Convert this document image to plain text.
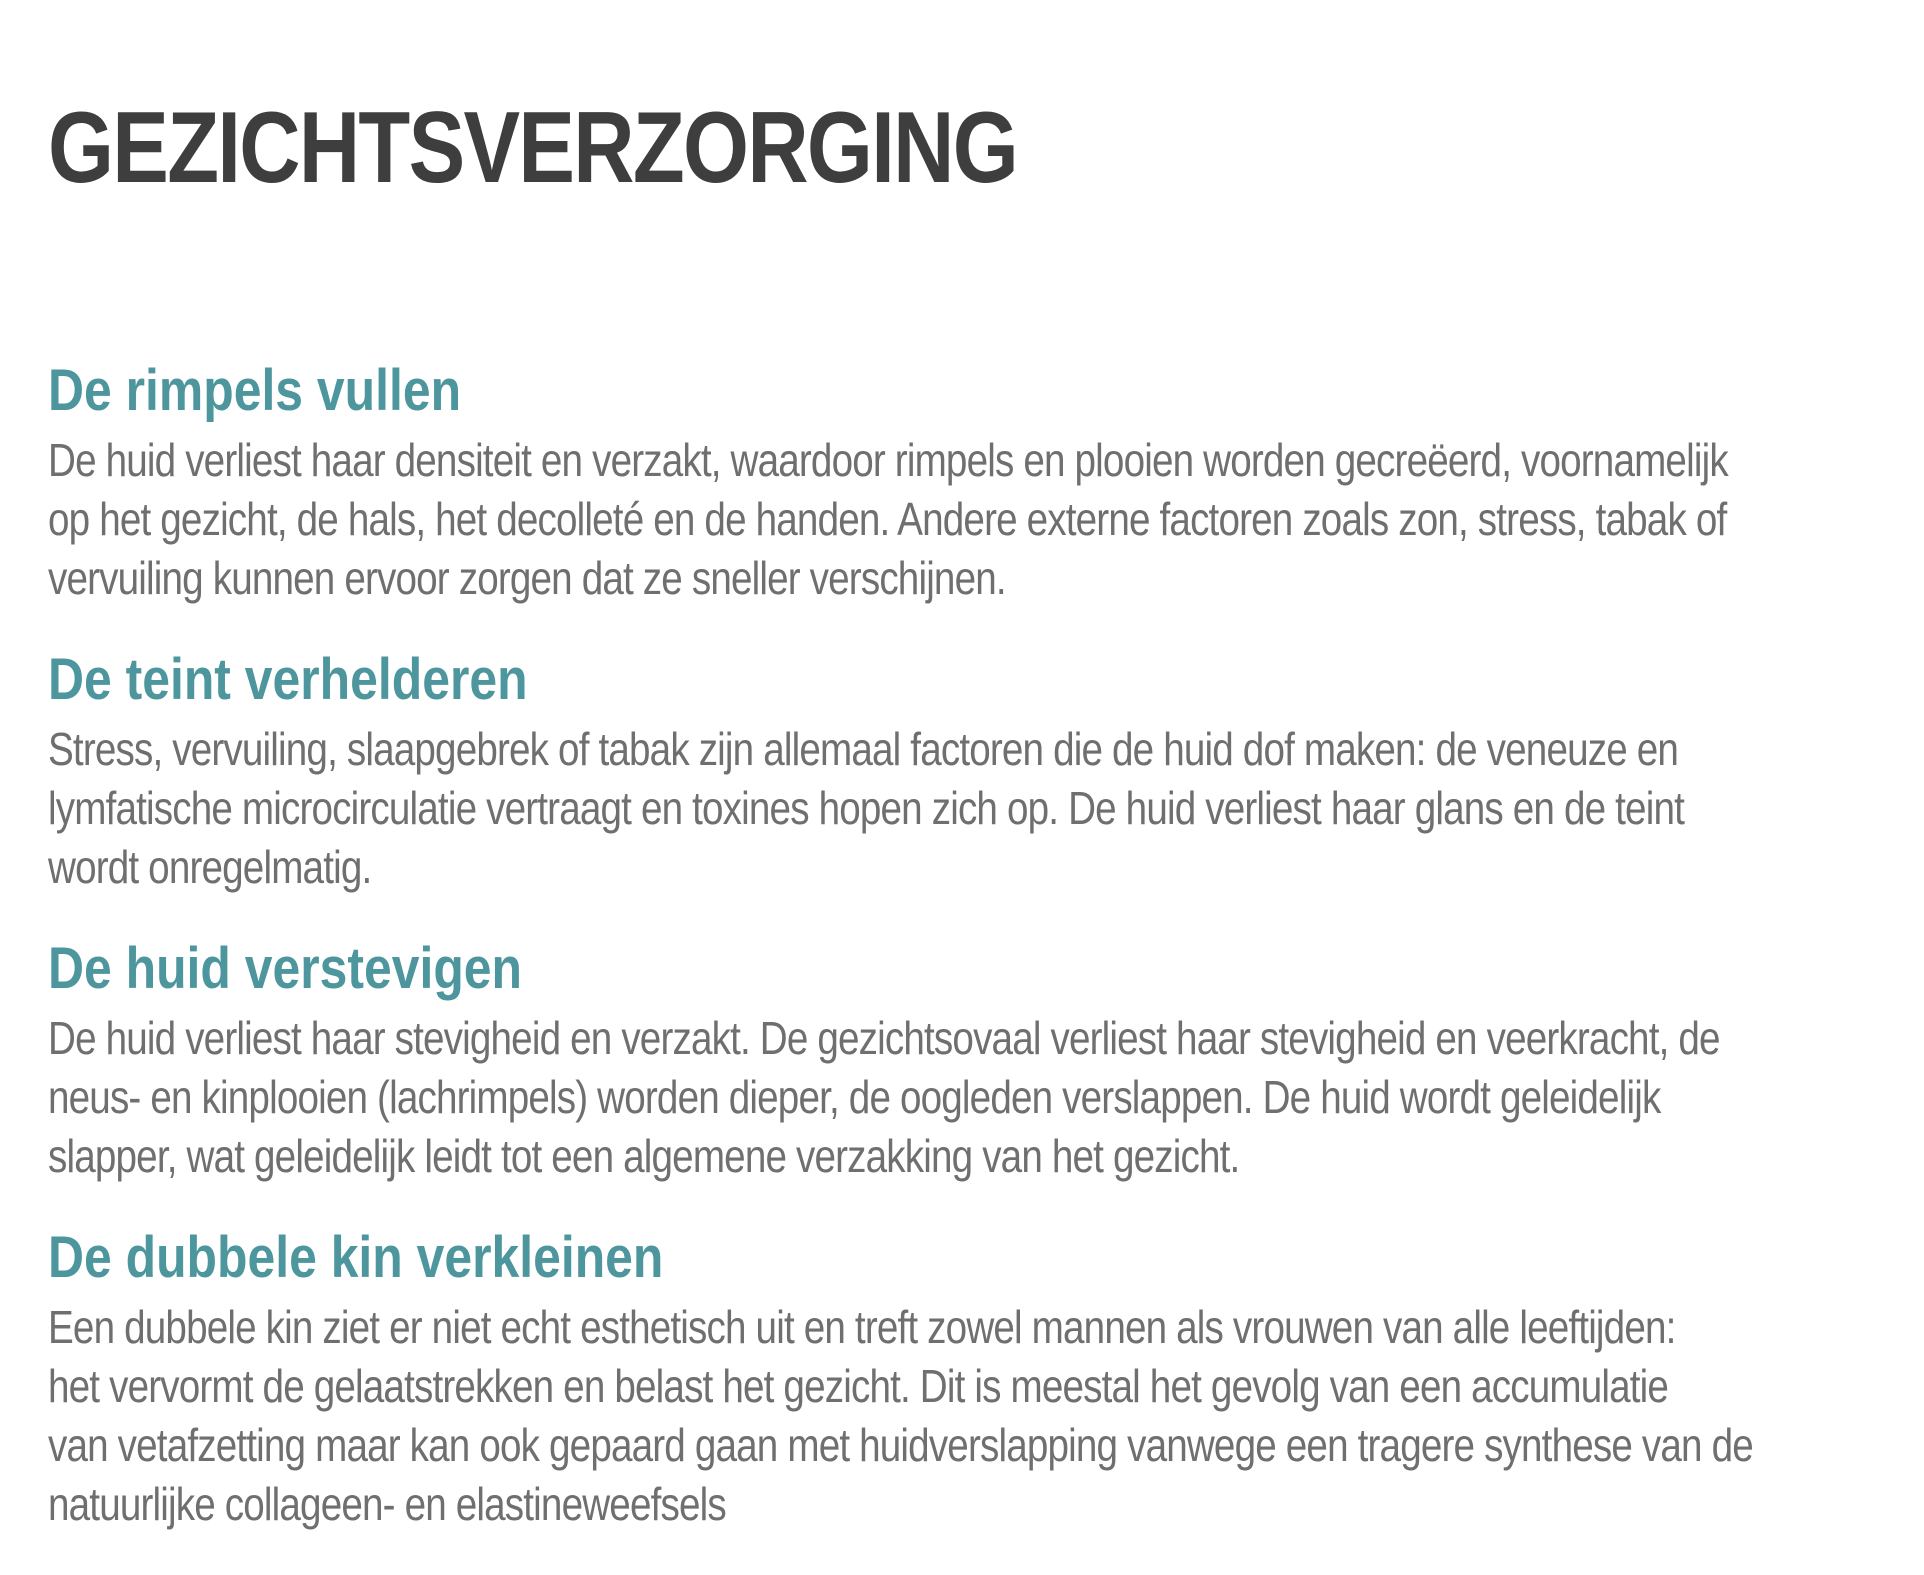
GEZICHTSVERZORGING
De rimpels vullen

De huid verliest haar densiteit en verzakt, waardoor rimpels en plooien worden gecreëerd, voornamelijk
op het gezicht, de hals, het decolleté en de handen. Andere externe factoren zoals zon, stress, tabak of
vervuiling kunnen ervoor zorgen dat ze sneller verschijnen.

De teint verhelderen

Stress, vervuiling, slaapgebrek of tabak zijn allemaal factoren die de huid dof maken: de veneuze en
lymfatische microcirculatie vertraagt en toxines hopen zich op. De huid verliest haar glans en de teint
wordt onregelmatig.

De huid verstevigen

De huid verliest haar stevigheid en verzakt. De gezichtsovaal verliest haar stevigheid en veerkracht, de
neus- en kinplooien (lachrimpels) worden dieper, de oogleden verslappen. De huid wordt geleidelijk
slapper, wat geleidelijk leidt tot een algemene verzakking van het gezicht.

De dubbele kin verkleinen

Een dubbele kin ziet er niet echt esthetisch uit en treft zowel mannen als vrouwen van alle leeftijden:
het vervormt de gelaatstrekken en belast het gezicht. Dit is meestal het gevolg van een accumulatie
van vetafzetting maar kan ook gepaard gaan met huidverslapping vanwege een tragere synthese van de
natuurlijke collageen- en elastineweefsels
